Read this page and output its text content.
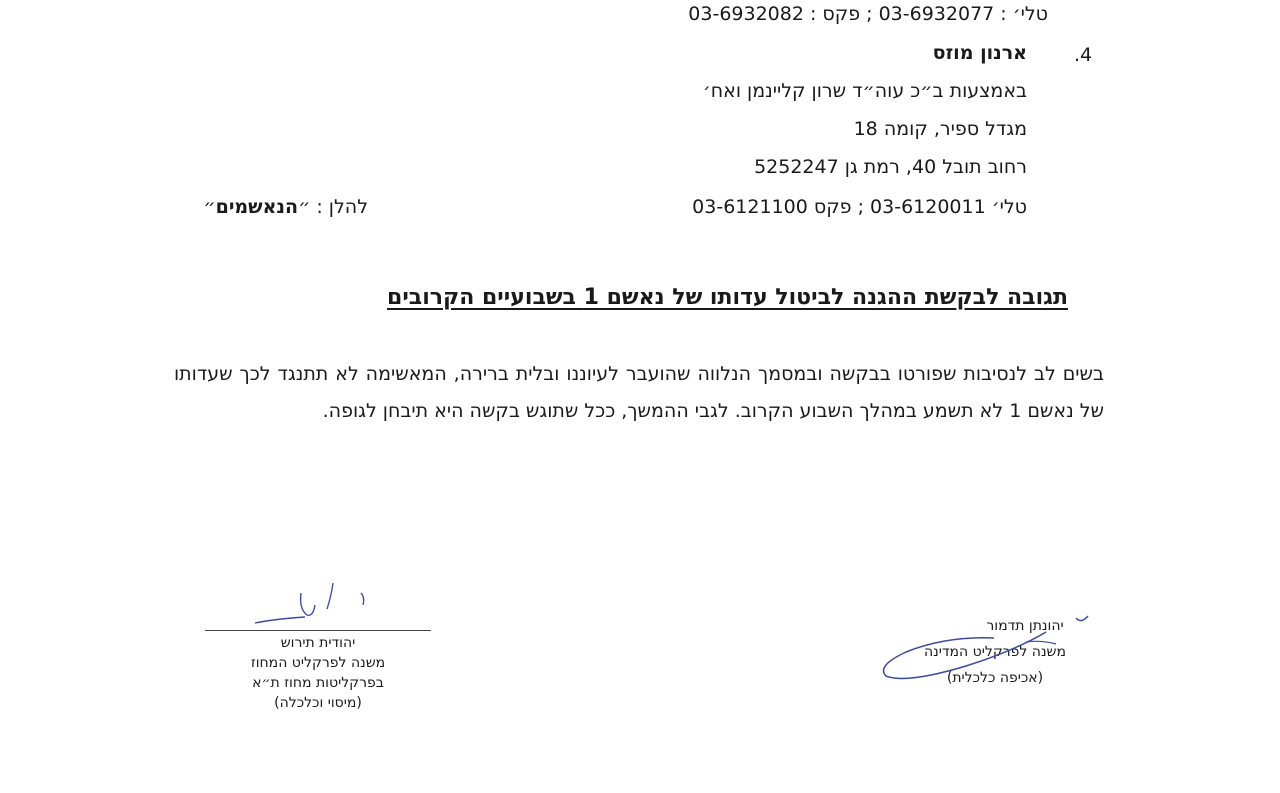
טלי׳ : 03-6932077 ; פקס : 03-6932082
.4
ארנון מוזס
באמצעות ב״כ עוה״ד שרון קליינמן ואח׳
מגדל ספיר, קומה 18
רחוב תובל 40, רמת גן 5252247
טלי׳ 03-6120011 ; פקס 03-6121100
להלן : ״הנאשמים״
תגובה לבקשת ההגנה לביטול עדותו של נאשם 1 בשבועיים הקרובים
בשים לב לנסיבות שפורטו בבקשה ובמסמך הנלווה שהועבר לעיוננו ובלית ברירה, המאשימה לא תתנגד לכך שעדותו של נאשם 1 לא תשמע במהלך השבוע הקרוב. לגבי ההמשך, ככל שתוגש בקשה היא תיבחן לגופה.
יהודית תירוש
משנה לפרקליט המחוז
בפרקליטות מחוז ת״א
(מיסוי וכלכלה)
יהונתן תדמור
משנה לפרקליט המדינה
(אכיפה כלכלית)
